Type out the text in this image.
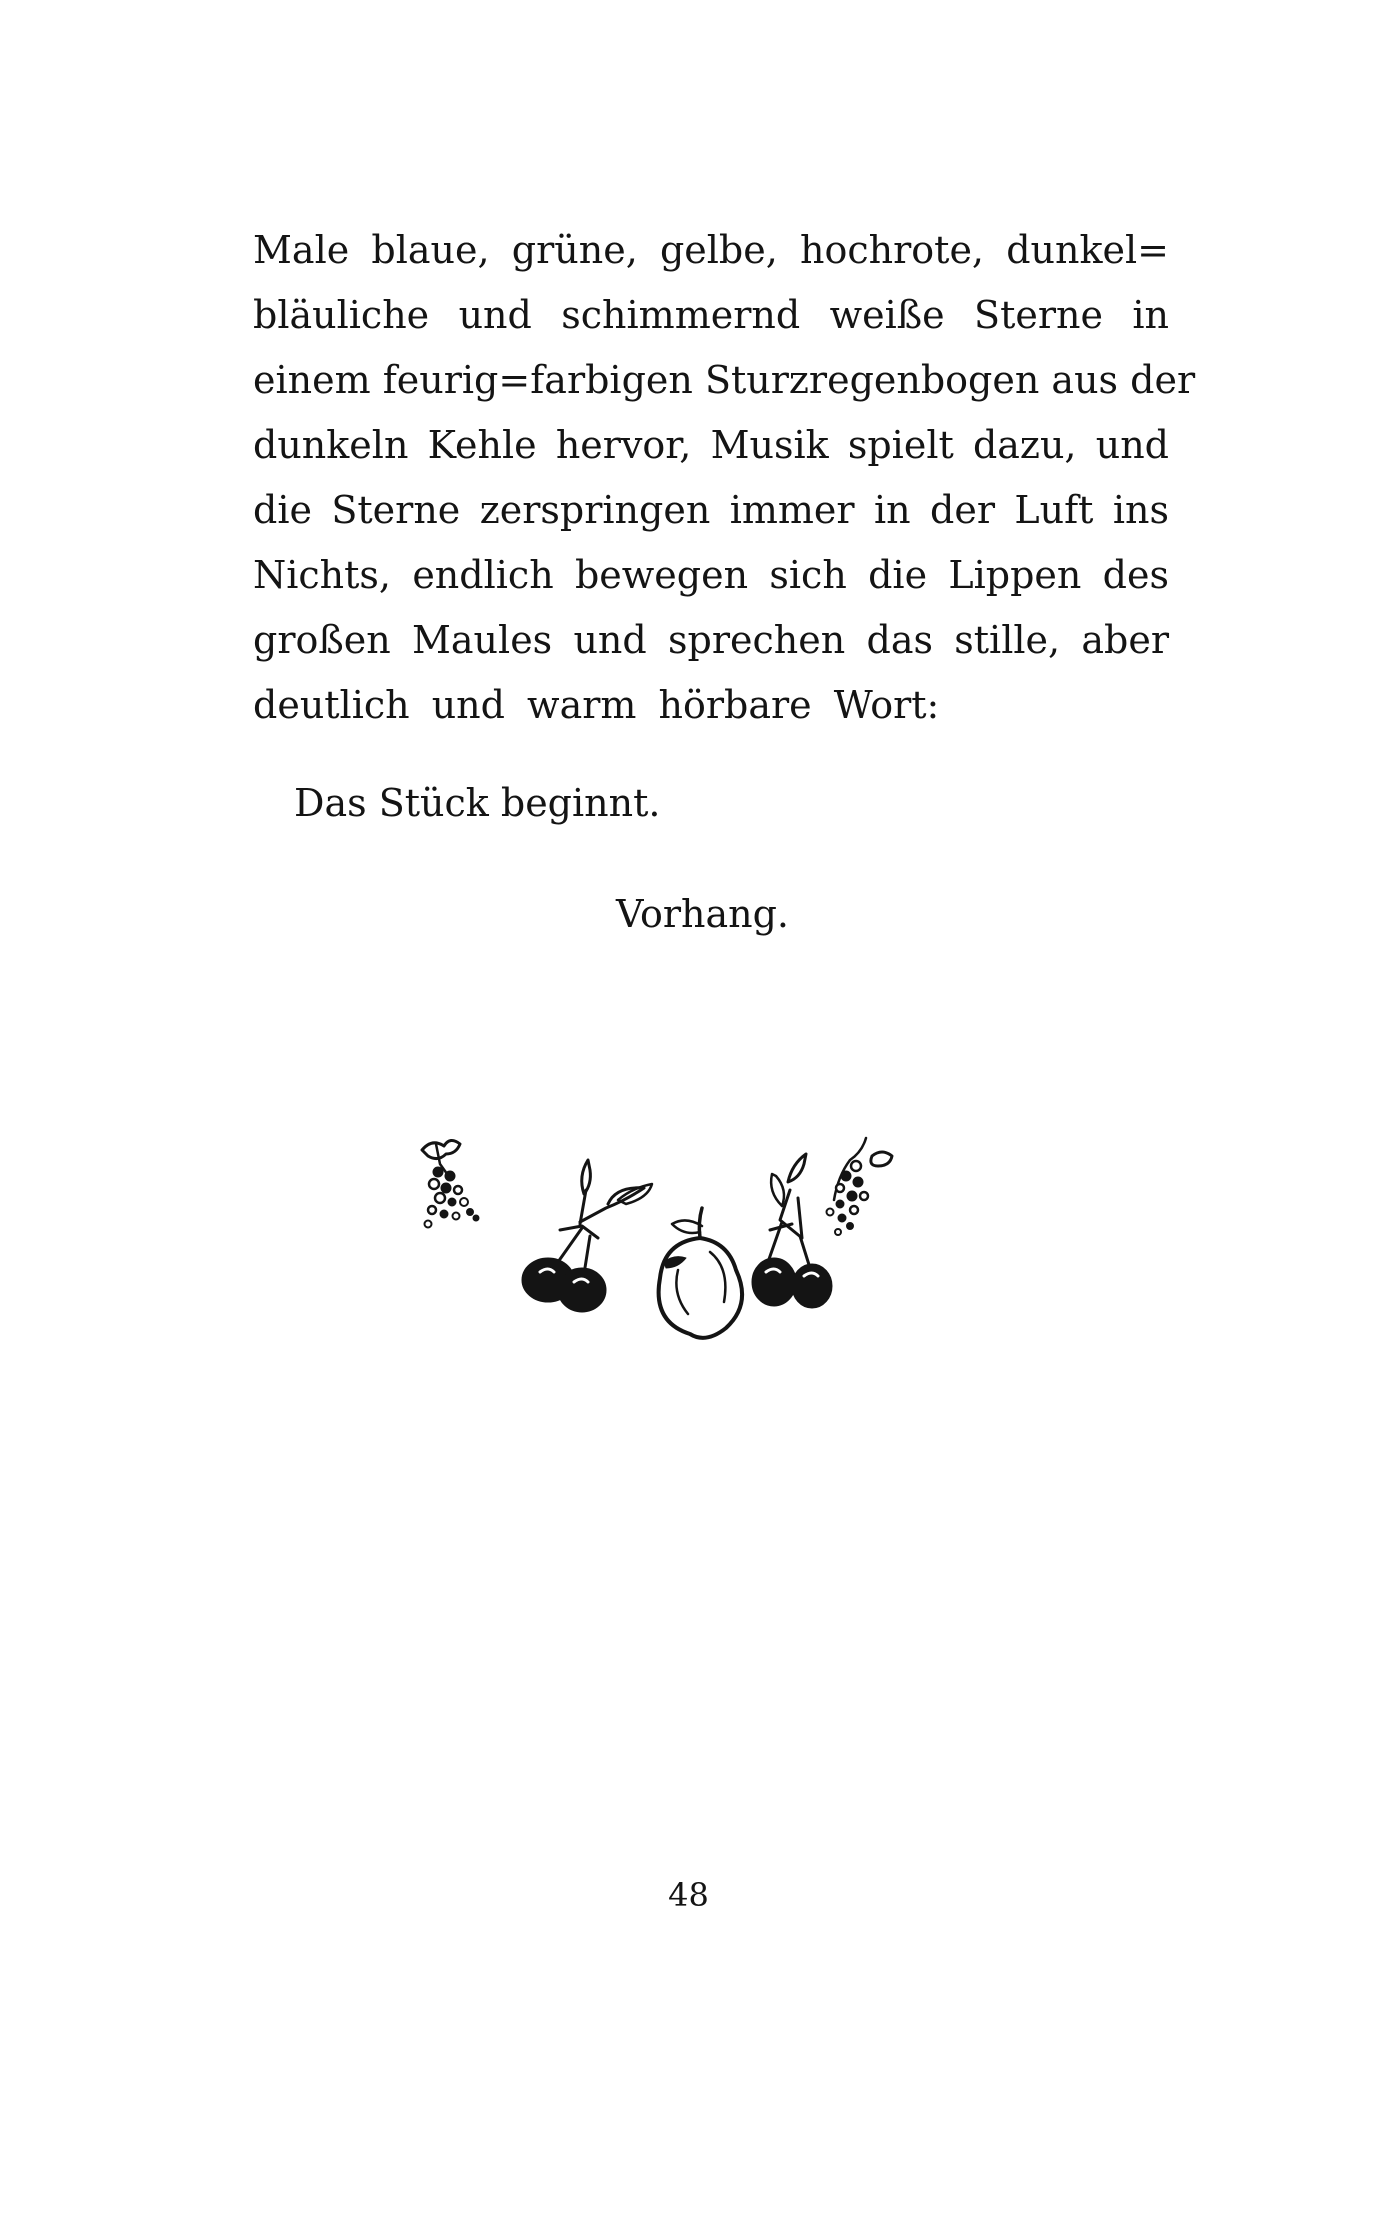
Male blaue, grüne, gelbe, hochrote, dunkel=
bläuliche und schimmernd weiße Sterne in
einem feurig=farbigen Sturzregenbogen aus der
dunkeln Kehle hervor, Musik spielt dazu, und
die Sterne zerspringen immer in der Luft ins
Nichts, endlich bewegen sich die Lippen des
großen Maules und sprechen das stille, aber
deutlich und warm hörbare Wort:

Das Stück beginnt.

Vorhang.

48
